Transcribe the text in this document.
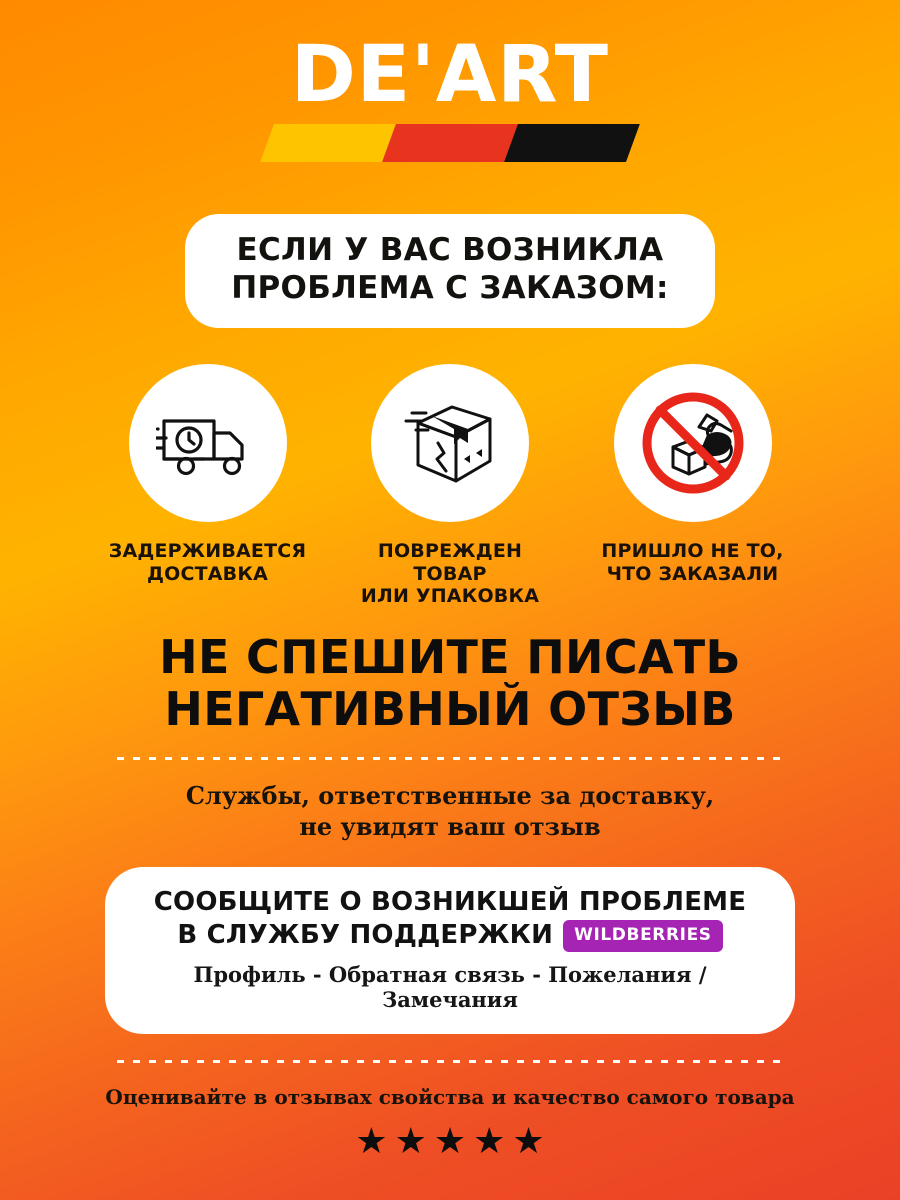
DE'ART
ЕСЛИ У ВАС ВОЗНИКЛА
ПРОБЛЕМА С ЗАКАЗОМ:
ЗАДЕРЖИВАЕТСЯ
ДОСТАВКА
ПОВРЕЖДЕН ТОВАР
ИЛИ УПАКОВКА
ПРИШЛО НЕ ТО,
ЧТО ЗАКАЗАЛИ
НЕ СПЕШИТЕ ПИСАТЬ
НЕГАТИВНЫЙ ОТЗЫВ
Службы, ответственные за доставку,
не увидят ваш отзыв
СООБЩИТЕ О ВОЗНИКШЕЙ ПРОБЛЕМЕ
В СЛУЖБУ ПОДДЕРЖКИ	WILDBERRIES
Профиль - Обратная связь - Пожелания / Замечания
Оценивайте в отзывах свойства и качество самого товара
★ ★ ★ ★ ★
